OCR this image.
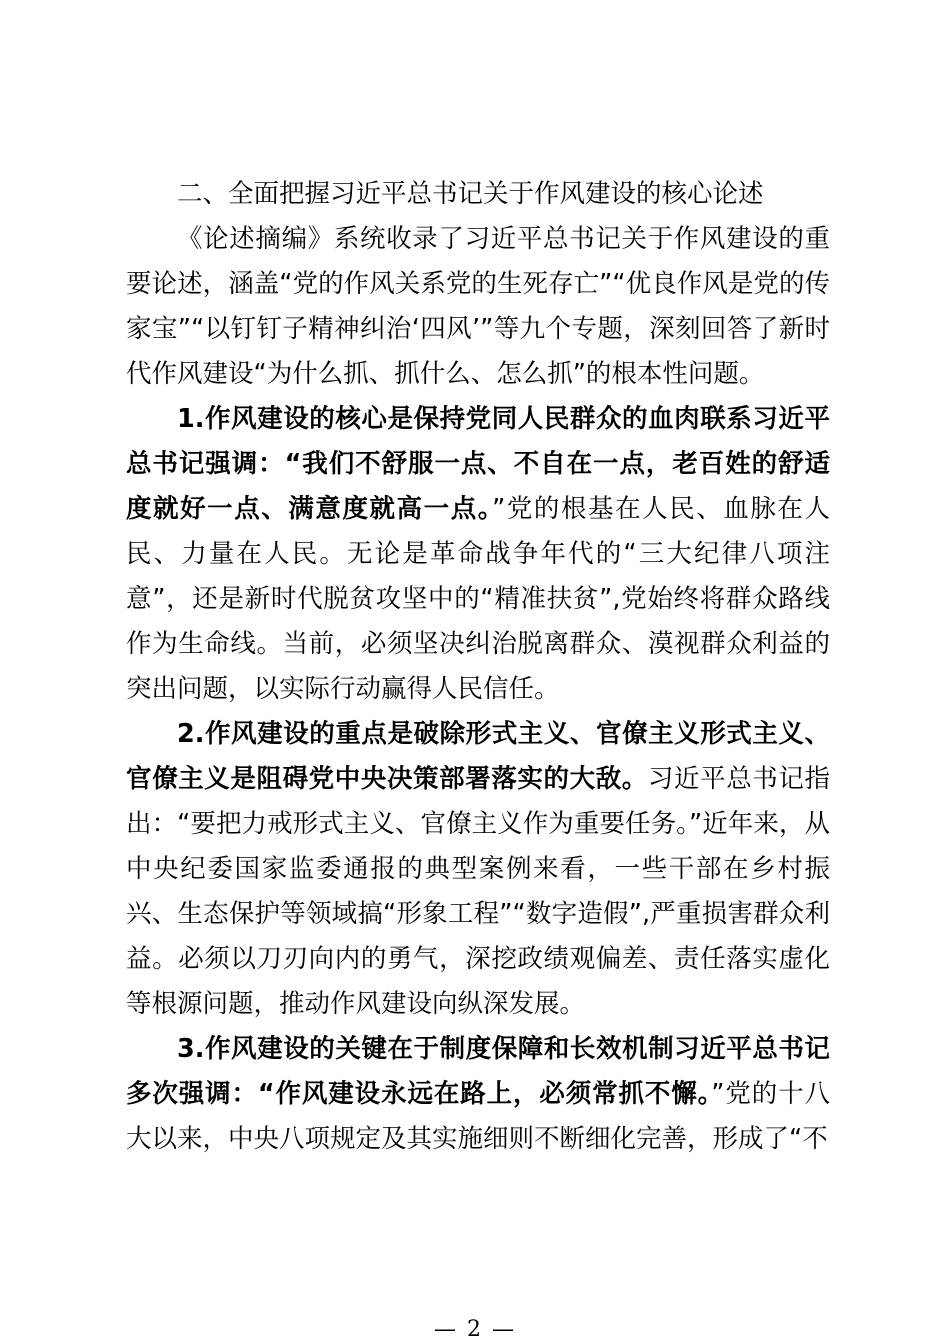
二、全面把握习近平总书记关于作风建设的核心论述

《论述摘编》系统收录了习近平总书记关于作风建设的重要论述，涵盖“党的作风关系党的生死存亡”“优良作风是党的传家宝”“以钉钉子精神纠治‘四风’”等九个专题，深刻回答了新时代作风建设“为什么抓、抓什么、怎么抓”的根本性问题。

1.作风建设的核心是保持党同人民群众的血肉联系习近平总书记强调：“我们不舒服一点、不自在一点，老百姓的舒适度就好一点、满意度就高一点。”党的根基在人民、血脉在人民、力量在人民。无论是革命战争年代的“三大纪律八项注意”，还是新时代脱贫攻坚中的“精准扶贫”,党始终将群众路线作为生命线。当前，必须坚决纠治脱离群众、漠视群众利益的突出问题，以实际行动赢得人民信任。

2.作风建设的重点是破除形式主义、官僚主义形式主义、官僚主义是阻碍党中央决策部署落实的大敌。习近平总书记指出：“要把力戒形式主义、官僚主义作为重要任务。”近年来，从中央纪委国家监委通报的典型案例来看，一些干部在乡村振兴、生态保护等领域搞“形象工程”“数字造假”,严重损害群众利益。必须以刀刃向内的勇气，深挖政绩观偏差、责任落实虚化等根源问题，推动作风建设向纵深发展。

3.作风建设的关键在于制度保障和长效机制习近平总书记多次强调：“作风建设永远在路上，必须常抓不懈。”党的十八大以来，中央八项规定及其实施细则不断细化完善，形成了“不

— 2 —
